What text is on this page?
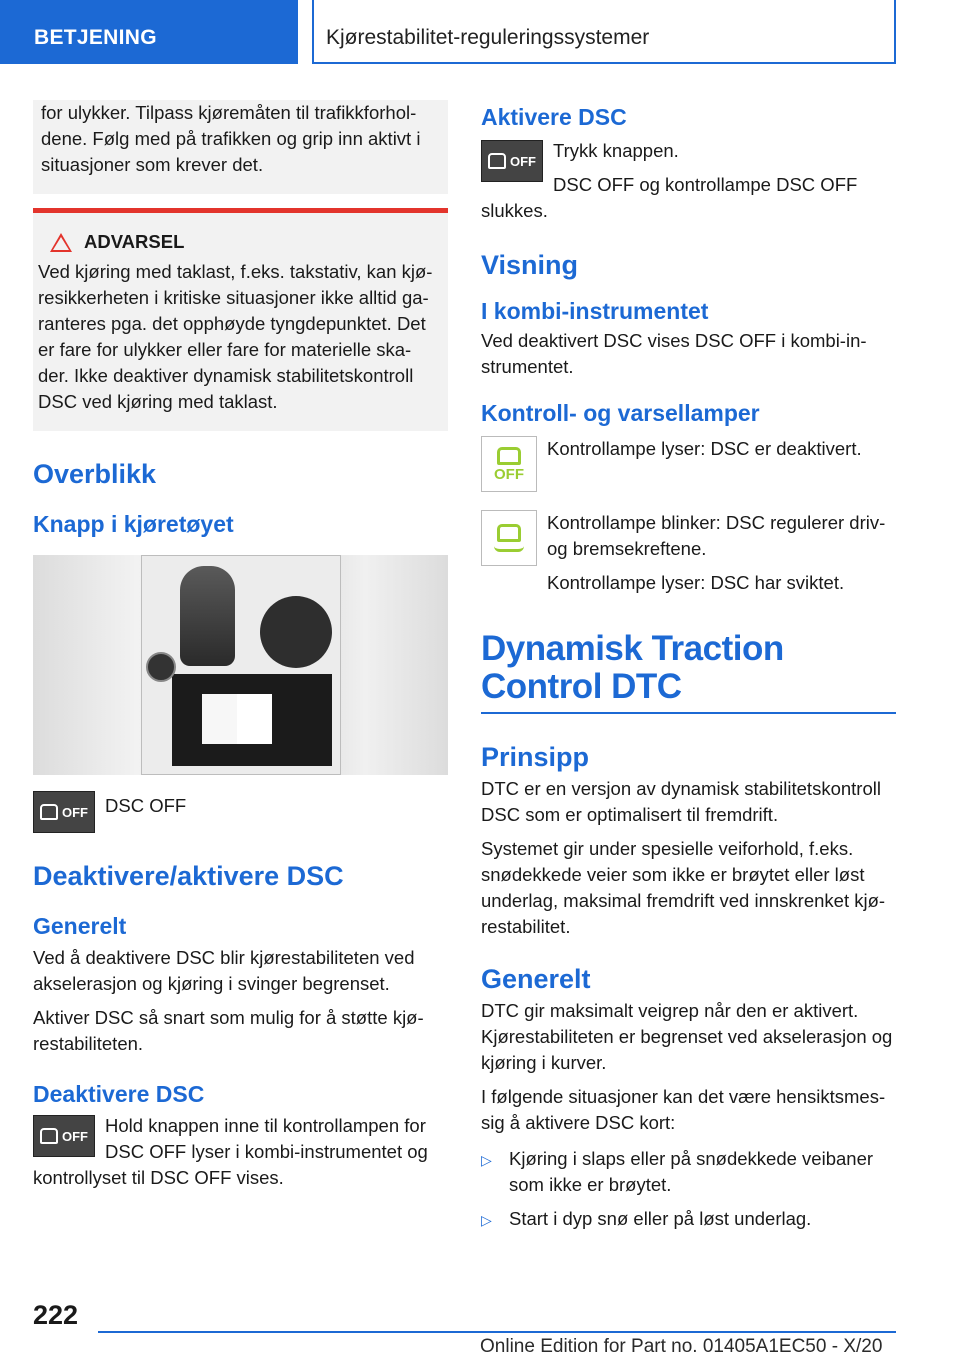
BETJENING	Kjørestabilitet-reguleringssystemer

for ulykker. Tilpass kjøremåten til trafikkforhol-dene. Følg med på trafikken og grip inn aktivt i situasjoner som krever det.

ADVARSEL

Ved kjøring med taklast, f.eks. takstativ, kan kjø-resikkerheten i kritiske situasjoner ikke alltid ga-ranteres pga. det opphøyde tyngdepunktet. Det er fare for ulykker eller fare for materielle ska-der. Ikke deaktiver dynamisk stabilitetskontroll DSC ved kjøring med taklast.

Overblikk
Knapp i kjøretøyet
OFF DSC OFF

Deaktivere/aktivere DSC
Generelt

Ved å deaktivere DSC blir kjørestabiliteten ved akselerasjon og kjøring i svinger begrenset.

Aktiver DSC så snart som mulig for å støtte kjø-restabiliteten.

Deaktivere DSC
OFF Hold knappen inne til kontrollampen for DSC OFF lyser i kombi-instrumentet og kontrollyset til DSC OFF vises.

Aktivere DSC
OFF Trykk knappen.

DSC OFF og kontrollampe DSC OFF slukkes.

Visning
I kombi-instrumentet

Ved deaktivert DSC vises DSC OFF i kombi-in-strumentet.

Kontroll- og varsellamper
OFF

Kontrollampe lyser: DSC er deaktivert.

Kontrollampe blinker: DSC regulerer driv- og bremsekreftene.

Kontrollampe lyser: DSC har sviktet.

Dynamisk Traction Control DTC
Prinsipp

DTC er en versjon av dynamisk stabilitetskontroll DSC som er optimalisert til fremdrift.

Systemet gir under spesielle veiforhold, f.eks. snødekkede veier som ikke er brøytet eller løst underlag, maksimal fremdrift ved innskrenket kjø-restabilitet.

Generelt

DTC gir maksimalt veigrep når den er aktivert. Kjørestabiliteten er begrenset ved akselerasjon og kjøring i kurver.

I følgende situasjoner kan det være hensiktsmes-sig å aktivere DSC kort:

▷ Kjøring i slaps eller på snødekkede veibaner som ikke er brøytet.
▷ Start i dyp snø eller på løst underlag.
222
Online Edition for Part no. 01405A1EC50 - X/20
